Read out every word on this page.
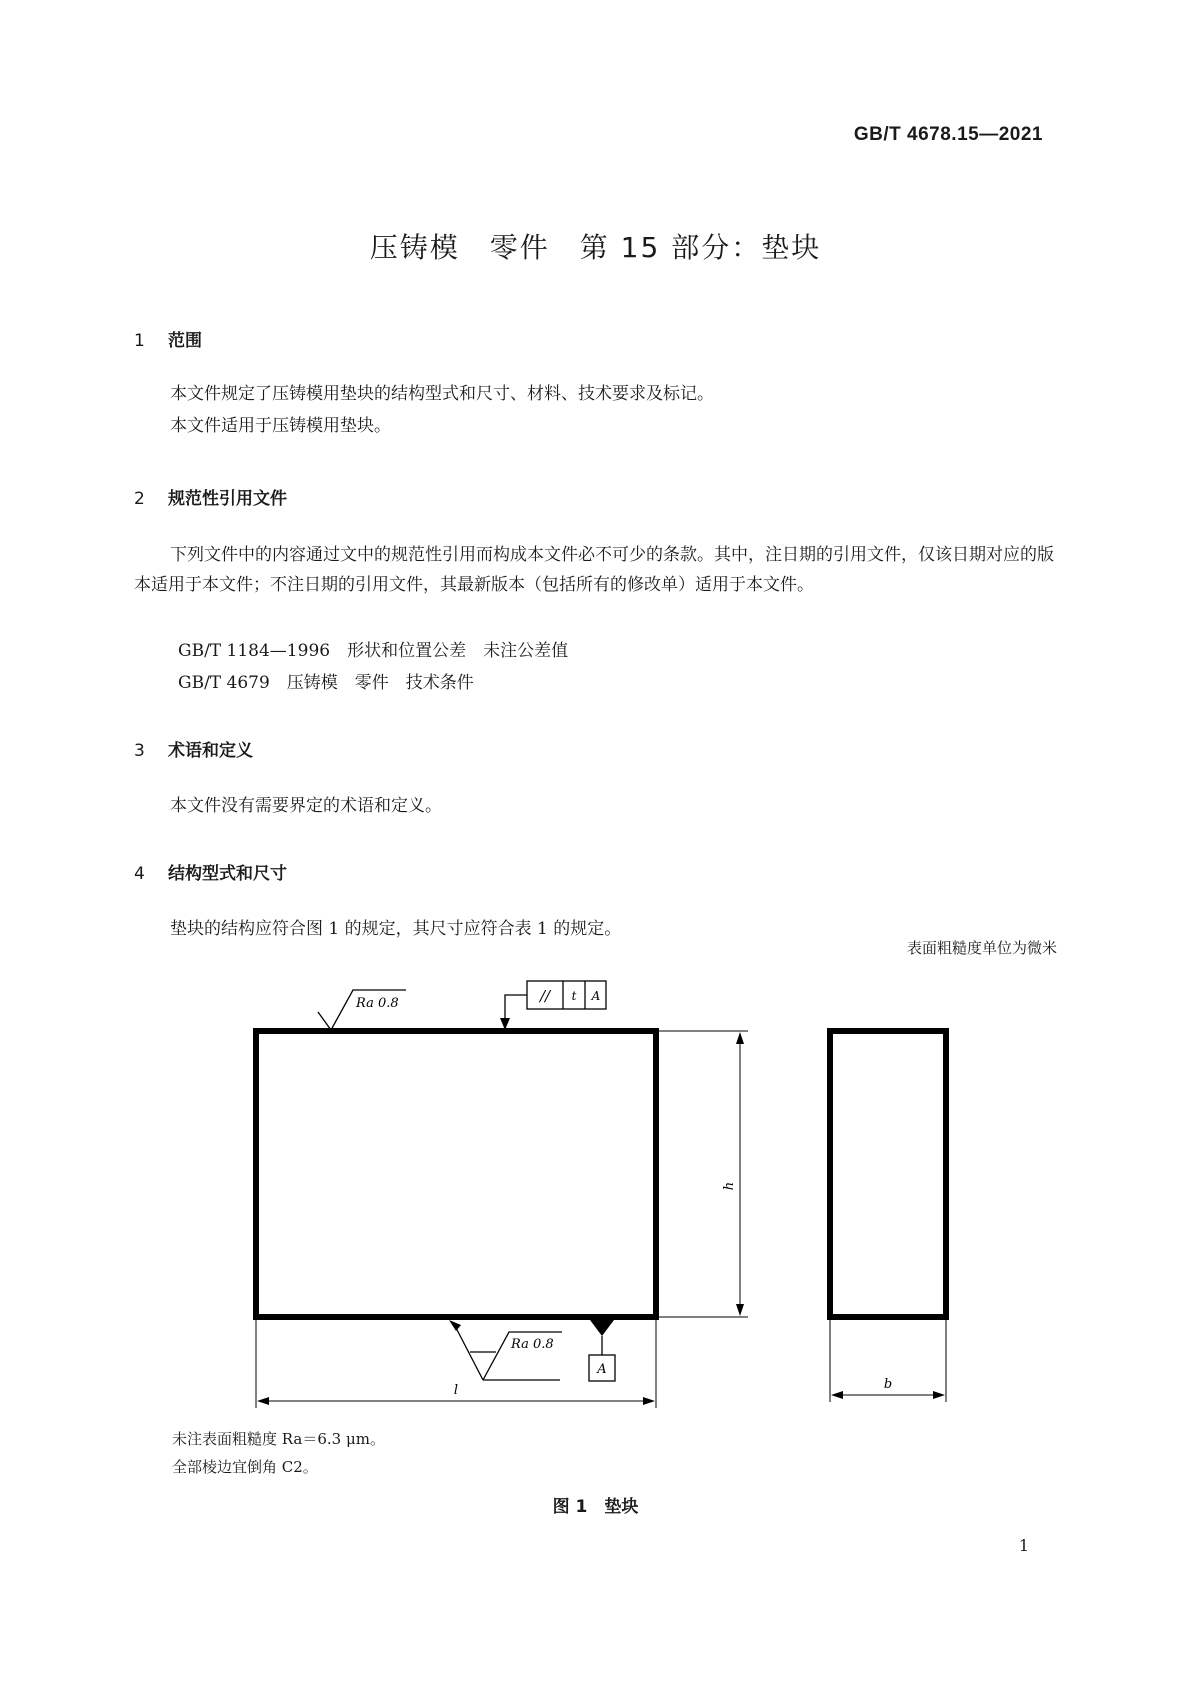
GB/T 4678.15—2021
压铸模　零件　第 15 部分：垫块
1 范围
本文件规定了压铸模用垫块的结构型式和尺寸、材料、技术要求及标记。
本文件适用于压铸模用垫块。
2 规范性引用文件
下列文件中的内容通过文中的规范性引用而构成本文件必不可少的条款。其中，注日期的引用文件，仅该日期对应的版本适用于本文件；不注日期的引用文件，其最新版本（包括所有的修改单）适用于本文件。
GB/T 1184—1996　形状和位置公差　未注公差值
GB/T 4679　压铸模　零件　技术条件
3 术语和定义
本文件没有需要界定的术语和定义。
4 结构型式和尺寸
垫块的结构应符合图 1 的规定，其尺寸应符合表 1 的规定。
表面粗糙度单位为微米
Ra 0.8	// t A
h
Ra 0.8
A
l	b
未注表面粗糙度 Ra＝6.3 μm。
全部棱边宜倒角 C2。
图 1　垫块
1
